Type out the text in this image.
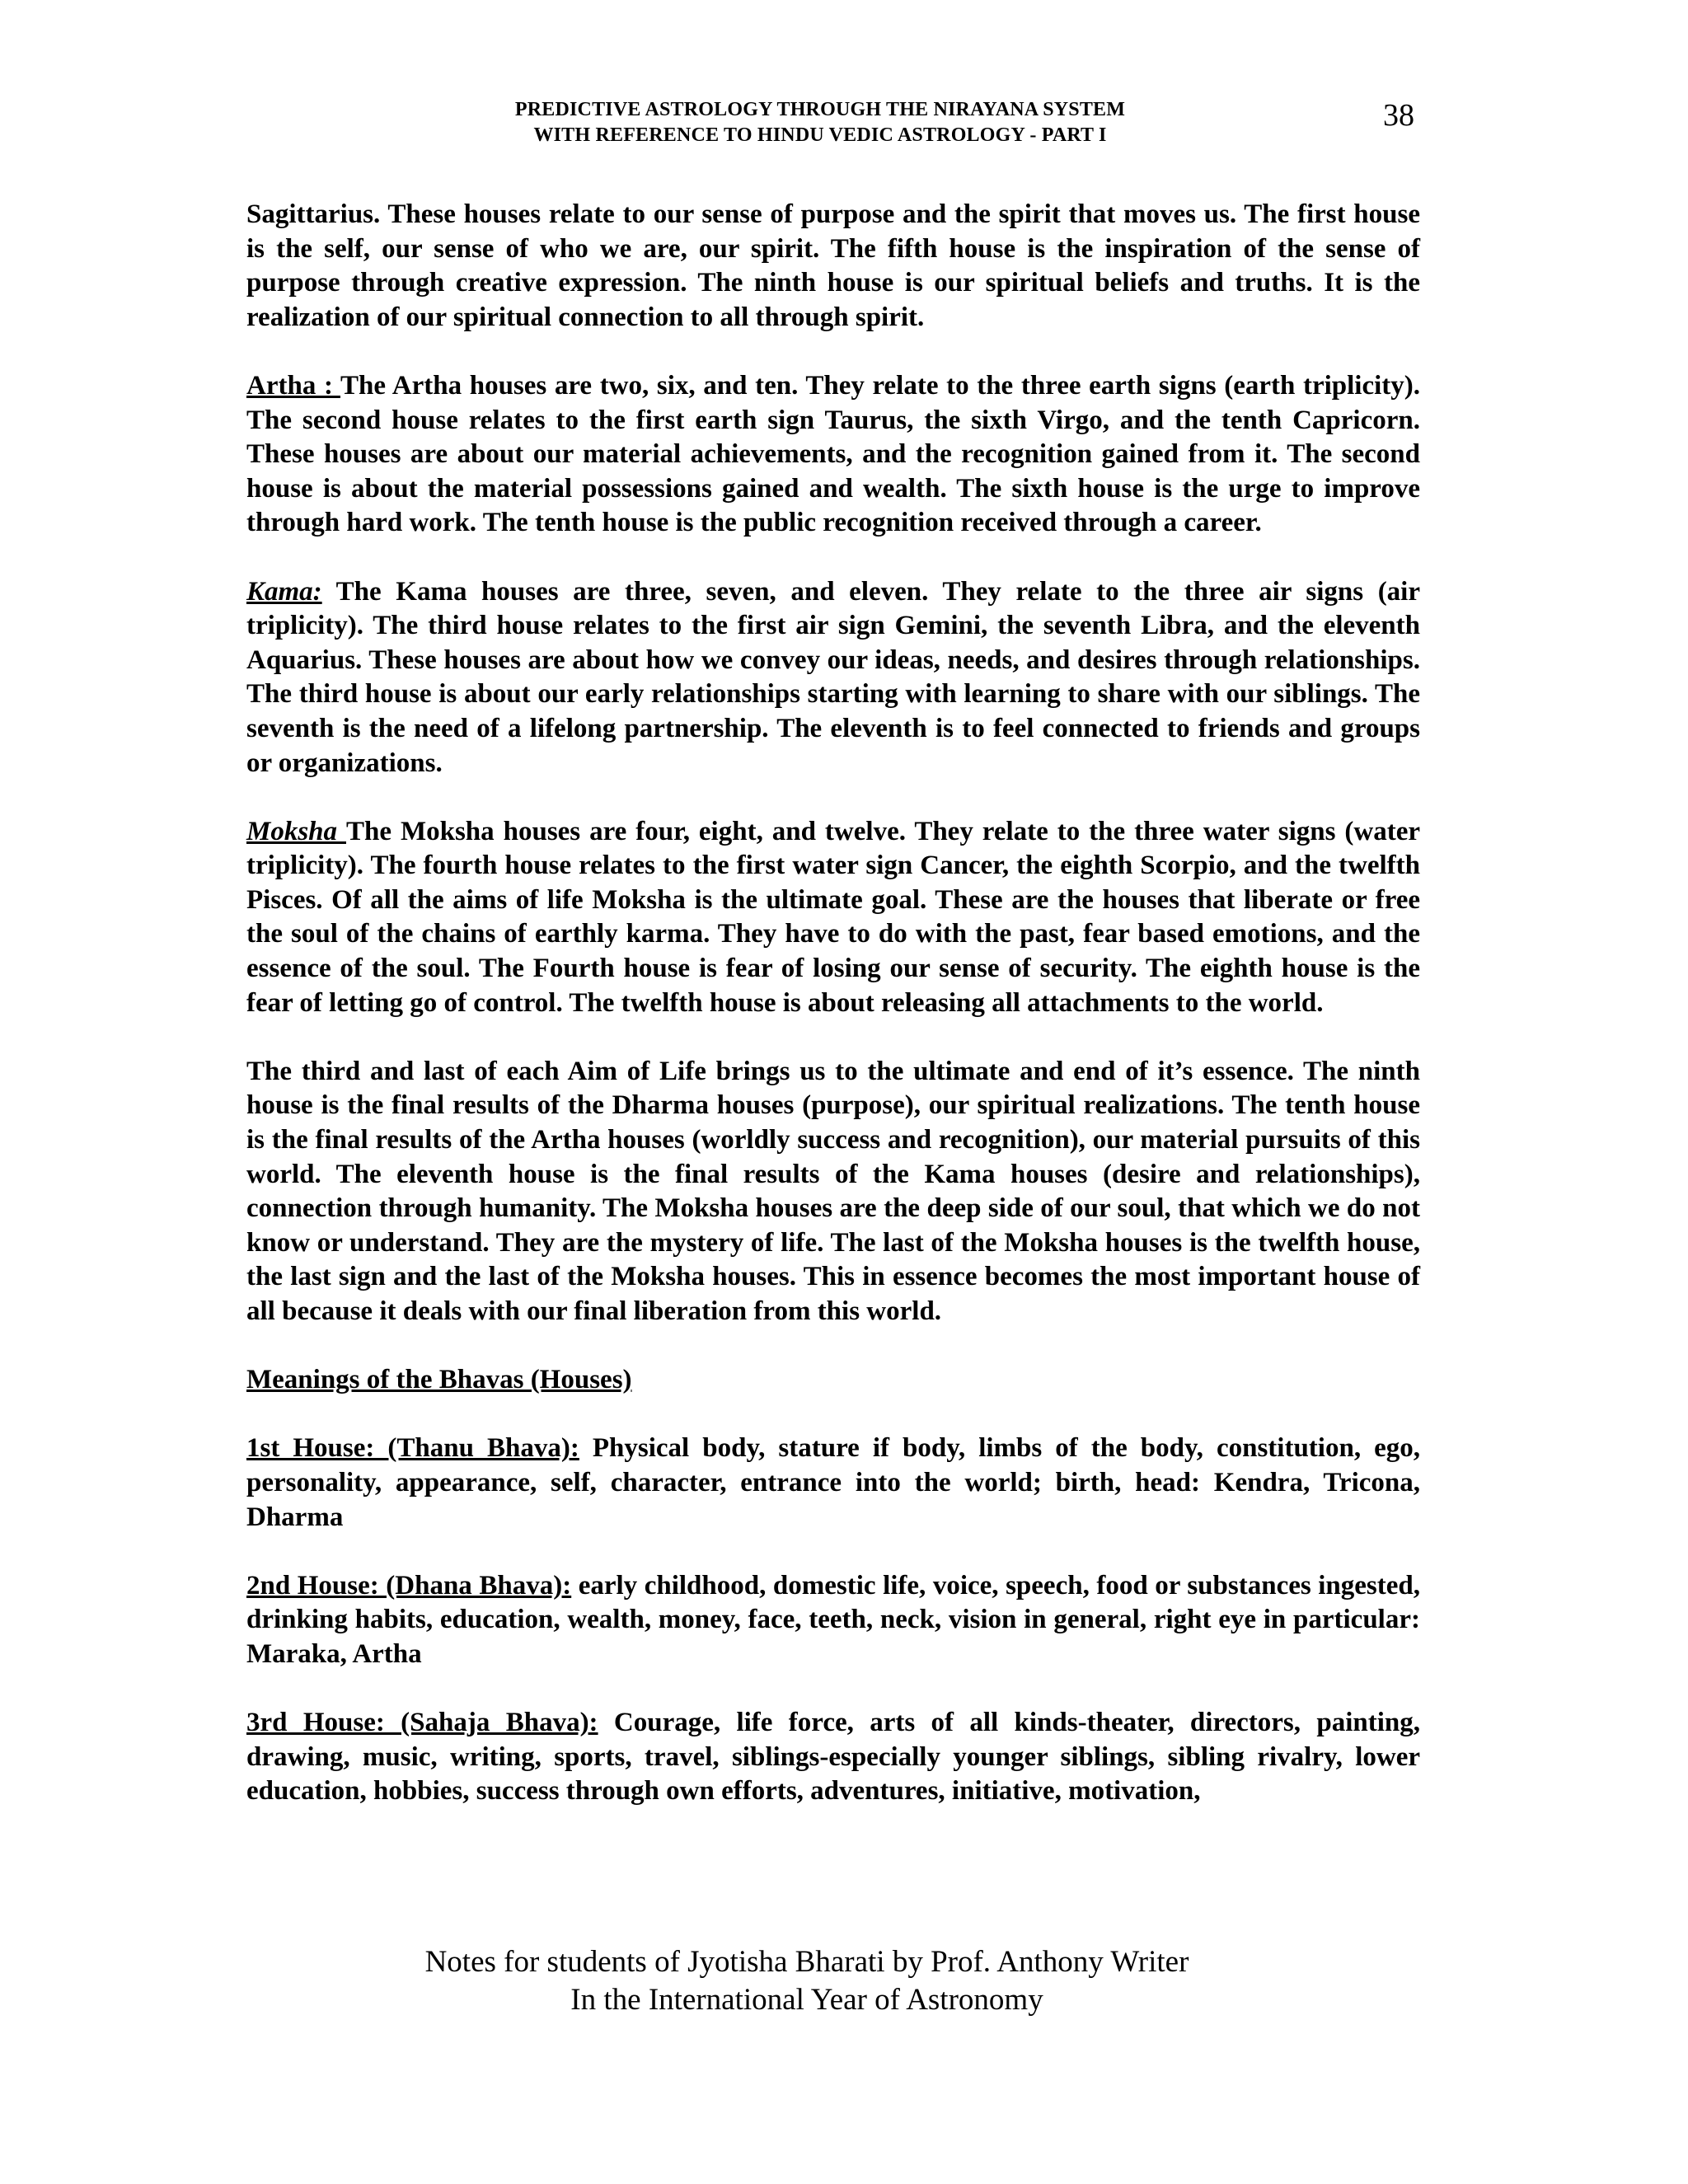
PREDICTIVE ASTROLOGY THROUGH THE NIRAYANA SYSTEM
WITH REFERENCE TO HINDU VEDIC ASTROLOGY - PART I
38

Sagittarius. These houses relate to our sense of purpose and the spirit that moves us. The first house is the self, our sense of who we are, our spirit. The fifth house is the inspiration of the sense of purpose through creative expression. The ninth house is our spiritual beliefs and truths. It is the realization of our spiritual connection to all through spirit.

Artha : The Artha houses are two, six, and ten. They relate to the three earth signs (earth triplicity). The second house relates to the first earth sign Taurus, the sixth Virgo, and the tenth Capricorn. These houses are about our material achievements, and the recognition gained from it. The second house is about the material possessions gained and wealth. The sixth house is the urge to improve through hard work. The tenth house is the public recognition received through a career.

Kama: The Kama houses are three, seven, and eleven. They relate to the three air signs (air triplicity). The third house relates to the first air sign Gemini, the seventh Libra, and the eleventh Aquarius. These houses are about how we convey our ideas, needs, and desires through relationships. The third house is about our early relationships starting with learning to share with our siblings. The seventh is the need of a lifelong partnership. The eleventh is to feel connected to friends and groups or organizations.

Moksha The Moksha houses are four, eight, and twelve. They relate to the three water signs (water triplicity). The fourth house relates to the first water sign Cancer, the eighth Scorpio, and the twelfth Pisces. Of all the aims of life Moksha is the ultimate goal. These are the houses that liberate or free the soul of the chains of earthly karma. They have to do with the past, fear based emotions, and the essence of the soul. The Fourth house is fear of losing our sense of security. The eighth house is the fear of letting go of control. The twelfth house is about releasing all attachments to the world.

The third and last of each Aim of Life brings us to the ultimate and end of it’s essence. The ninth house is the final results of the Dharma houses (purpose), our spiritual realizations. The tenth house is the final results of the Artha houses (worldly success and recognition), our material pursuits of this world. The eleventh house is the final results of the Kama houses (desire and relationships), connection through humanity. The Moksha houses are the deep side of our soul, that which we do not know or understand. They are the mystery of life. The last of the Moksha houses is the twelfth house, the last sign and the last of the Moksha houses. This in essence becomes the most important house of all because it deals with our final liberation from this world.

Meanings of the Bhavas (Houses)

1st House: (Thanu Bhava): Physical body, stature if body, limbs of the body, constitution, ego, personality, appearance, self, character, entrance into the world; birth, head: Kendra, Tricona, Dharma

2nd House: (Dhana Bhava): early childhood, domestic life, voice, speech, food or substances ingested, drinking habits, education, wealth, money, face, teeth, neck, vision in general, right eye in particular: Maraka, Artha

3rd House: (Sahaja Bhava): Courage, life force, arts of all kinds-theater, directors, painting, drawing, music, writing, sports, travel, siblings-especially younger siblings, sibling rivalry, lower education, hobbies, success through own efforts, adventures, initiative, motivation,

Notes for students of Jyotisha Bharati by Prof. Anthony Writer
In the International Year of Astronomy
